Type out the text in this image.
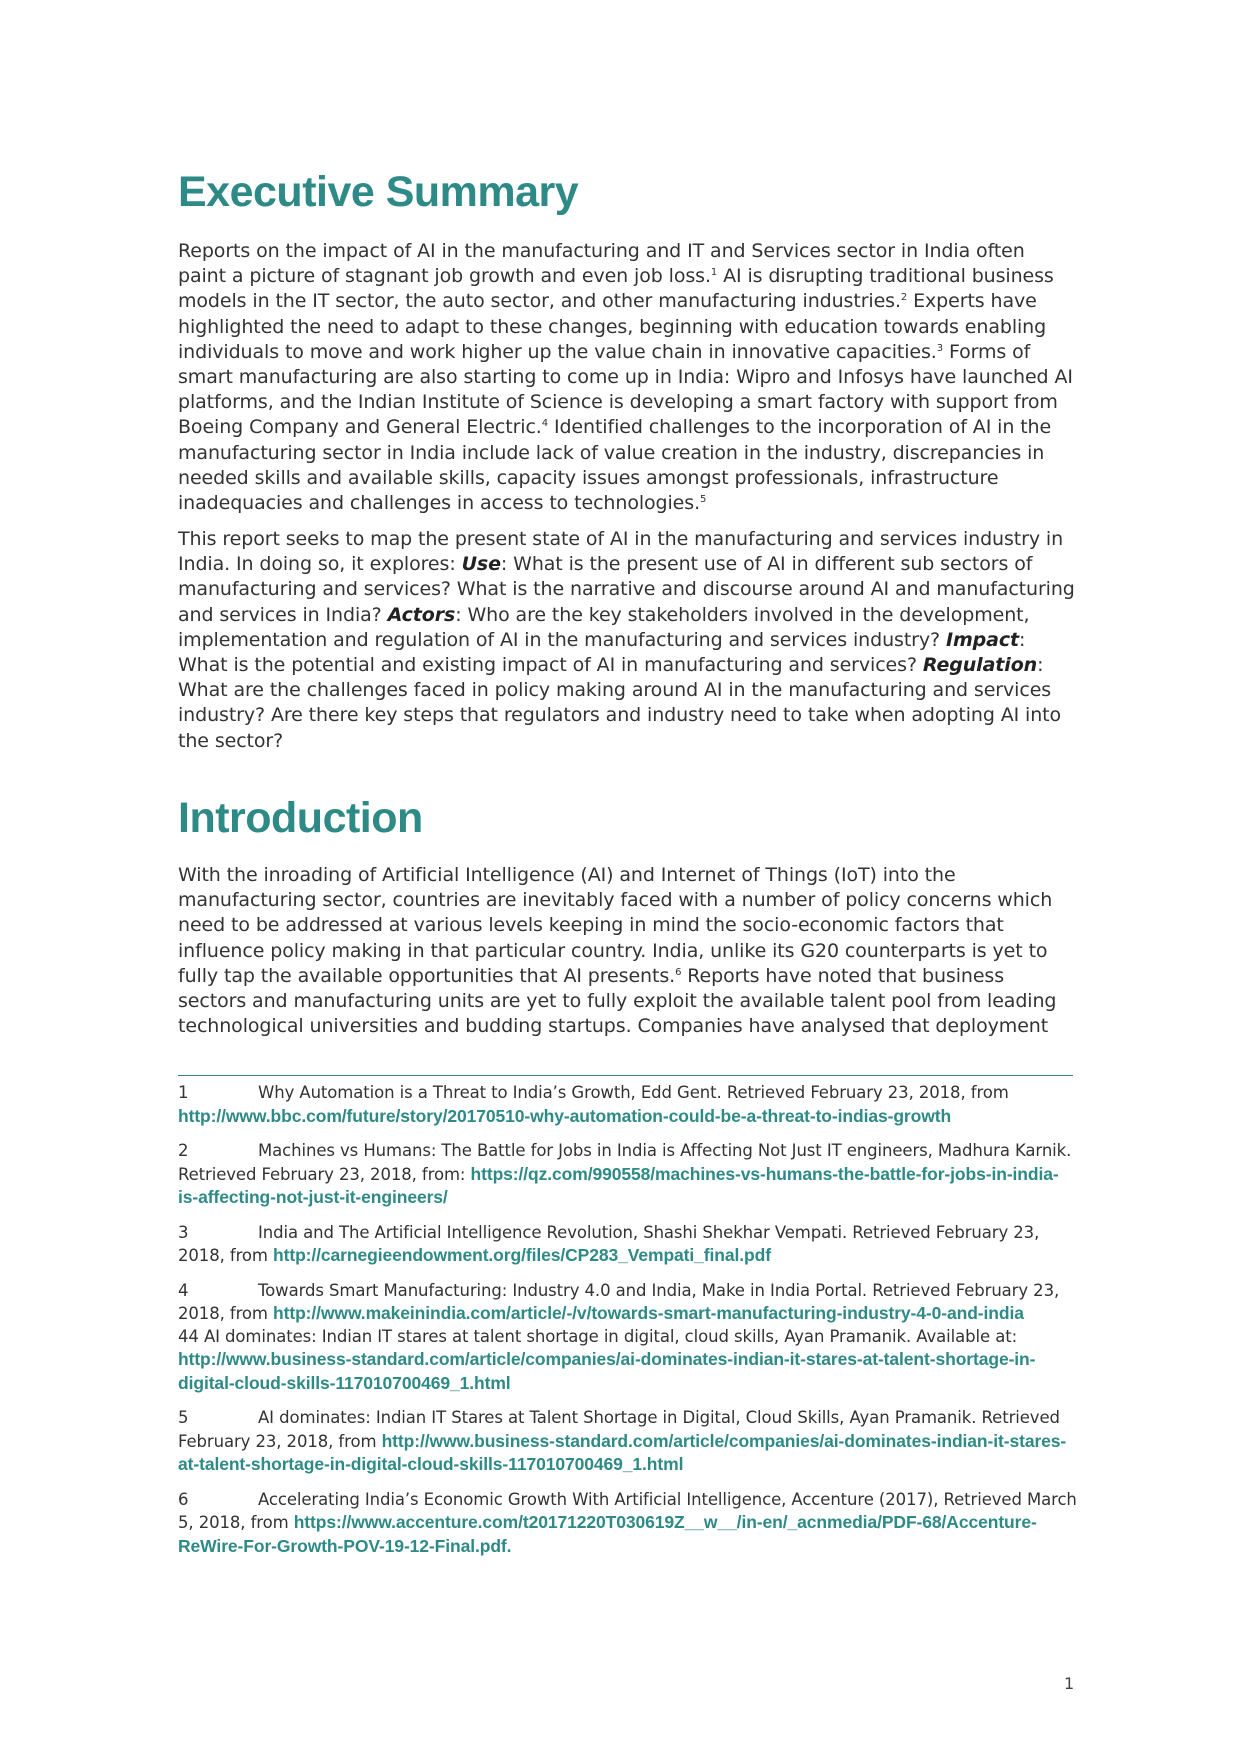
Executive Summary

Reports on the impact of AI in the manufacturing and IT and Services sector in India often paint a picture of stagnant job growth and even job loss.$^1$ AI is disrupting traditional business models in the IT sector, the auto sector, and other manufacturing industries.$^2$ Experts have highlighted the need to adapt to these changes, beginning with education towards enabling individuals to move and work higher up the value chain in innovative capacities.$^3$ Forms of smart manufacturing are also starting to come up in India: Wipro and Infosys have launched AI platforms, and the Indian Institute of Science is developing a smart factory with support from Boeing Company and General Electric.$^4$ Identified challenges to the incorporation of AI in the manufacturing sector in India include lack of value creation in the industry, discrepancies in needed skills and available skills, capacity issues amongst professionals, infrastructure inadequacies and challenges in access to technologies.$^5$

This report seeks to map the present state of AI in the manufacturing and services industry in India. In doing so, it explores: Use: What is the present use of AI in different sub sectors of manufacturing and services? What is the narrative and discourse around AI and manufacturing and services in India? Actors: Who are the key stakeholders involved in the development, implementation and regulation of AI in the manufacturing and services industry? Impact: What is the potential and existing impact of AI in manufacturing and services? Regulation: What are the challenges faced in policy making around AI in the manufacturing and services industry? Are there key steps that regulators and industry need to take when adopting AI into the sector?

Introduction

With the inroading of Artificial Intelligence (AI) and Internet of Things (IoT) into the manufacturing sector, countries are inevitably faced with a number of policy concerns which need to be addressed at various levels keeping in mind the socio-economic factors that influence policy making in that particular country. India, unlike its G20 counterparts is yet to fully tap the available opportunities that AI presents.$^6$ Reports have noted that business sectors and manufacturing units are yet to fully exploit the available talent pool from leading technological universities and budding startups. Companies have analysed that deployment

1	Why Automation is a Threat to India’s Growth, Edd Gent. Retrieved February 23, 2018, from http://www.bbc.com/future/story/20170510-why-automation-could-be-a-threat-to-indias-growth

2	Machines vs Humans: The Battle for Jobs in India is Affecting Not Just IT engineers, Madhura Karnik. Retrieved February 23, 2018, from: https://qz.com/990558/machines-vs-humans-the-battle-for-jobs-in-india-is-affecting-not-just-it-engineers/

3	India and The Artificial Intelligence Revolution, Shashi Shekhar Vempati. Retrieved February 23, 2018, from http://carnegieendowment.org/files/CP283_Vempati_final.pdf

4	Towards Smart Manufacturing: Industry 4.0 and India, Make in India Portal. Retrieved February 23, 2018, from http://www.makeinindia.com/article/-/v/towards-smart-manufacturing-industry-4-0-and-india

44 AI dominates: Indian IT stares at talent shortage in digital, cloud skills, Ayan Pramanik. Available at: http://www.business-standard.com/article/companies/ai-dominates-indian-it-stares-at-talent-shortage-in-digital-cloud-skills-117010700469_1.html

5	AI dominates: Indian IT Stares at Talent Shortage in Digital, Cloud Skills, Ayan Pramanik. Retrieved February 23, 2018, from http://www.business-standard.com/article/companies/ai-dominates-indian-it-stares-at-talent-shortage-in-digital-cloud-skills-117010700469_1.html

6	Accelerating India’s Economic Growth With Artificial Intelligence, Accenture (2017), Retrieved March 5, 2018, from https://www.accenture.com/t20171220T030619Z__w__/in-en/_acnmedia/PDF-68/Accenture-ReWire-For-Growth-POV-19-12-Final.pdf.

1
